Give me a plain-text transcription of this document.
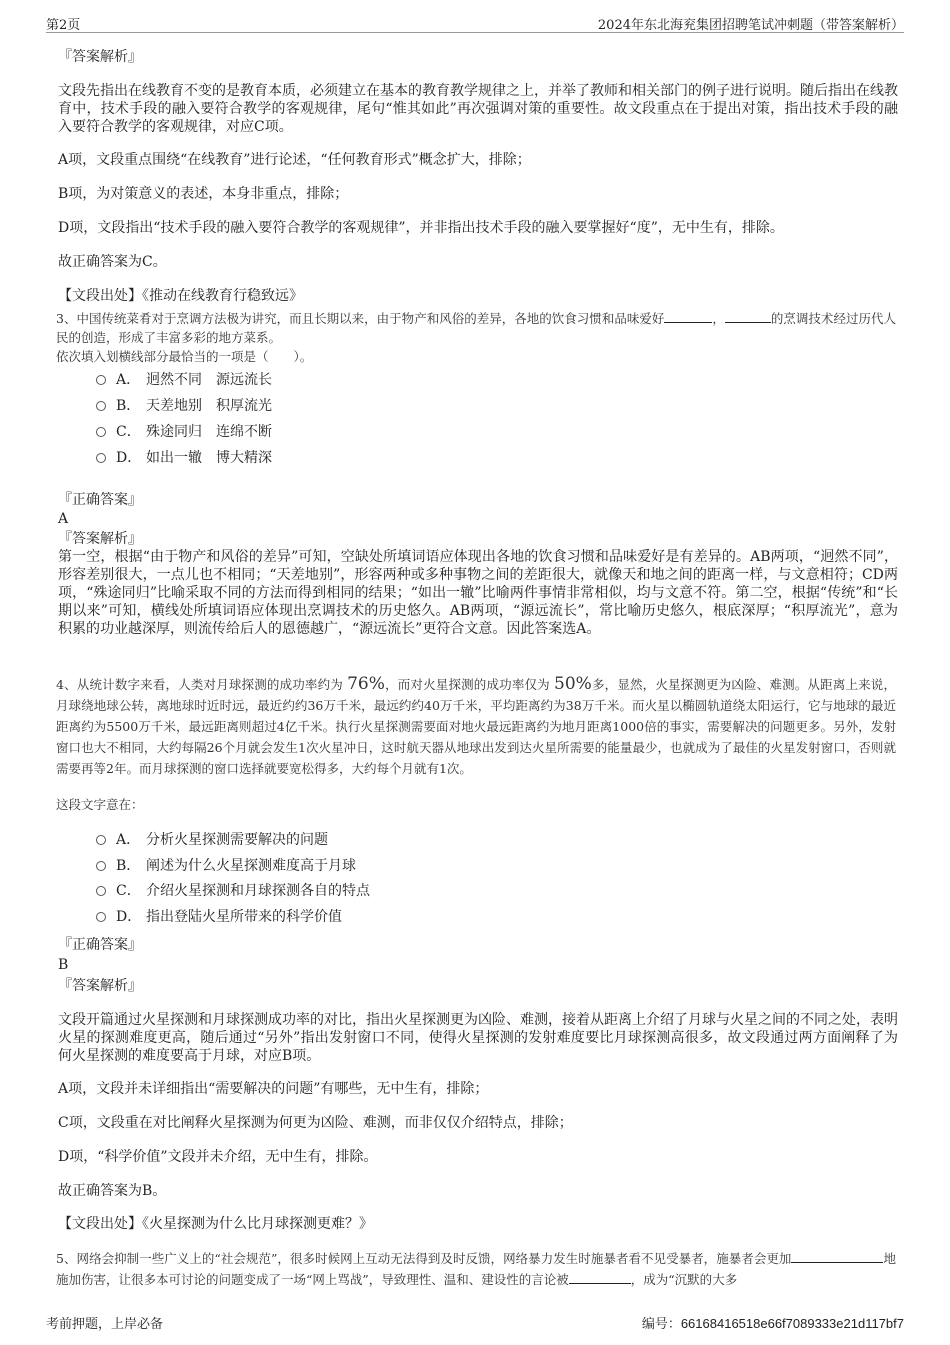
第2页	2024年东北海兖集团招聘笔试冲刺题（带答案解析）
『答案解析』
文段先指出在线教育不变的是教育本质，必须建立在基本的教育教学规律之上，并举了教师和相关部门的例子进行说明。随后指出在线教育中，技术手段的融入要符合教学的客观规律，尾句“惟其如此”再次强调对策的重要性。故文段重点在于提出对策，指出技术手段的融入要符合教学的客观规律，对应C项。
A项，文段重点围绕“在线教育”进行论述，“任何教育形式”概念扩大，排除；
B项，为对策意义的表述，本身非重点，排除；
D项，文段指出“技术手段的融入要符合教学的客观规律”，并非指出技术手段的融入要掌握好“度”，无中生有，排除。
故正确答案为C。
【文段出处】《推动在线教育行稳致远》
3、中国传统菜肴对于烹调方法极为讲究，而且长期以来，由于物产和风俗的差异，各地的饮食习惯和品味爱好	，	的烹调技术经过历代人民的创造，形成了丰富多彩的地方菜系。
依次填入划横线部分最恰当的一项是（　　）。
A． 迥然不同　源远流长
B． 天差地别　积厚流光
C． 殊途同归　连绵不断
D． 如出一辙　博大精深
『正确答案』
A
『答案解析』
第一空，根据“由于物产和风俗的差异”可知，空缺处所填词语应体现出各地的饮食习惯和品味爱好是有差异的。AB两项，“迥然不同”，形容差别很大，一点儿也不相同；“天差地别”，形容两种或多种事物之间的差距很大，就像天和地之间的距离一样，与文意相符；CD两项，“殊途同归”比喻采取不同的方法而得到相同的结果；“如出一辙”比喻两件事情非常相似，均与文意不符。第二空，根据“传统”和“长期以来”可知，横线处所填词语应体现出烹调技术的历史悠久。AB两项，“源远流长”，常比喻历史悠久，根底深厚；“积厚流光”，意为积累的功业越深厚，则流传给后人的恩德越广，“源远流长”更符合文意。因此答案选A。
4、从统计数字来看，人类对月球探测的成功率约为 76%，而对火星探测的成功率仅为 50%多，显然，火星探测更为凶险、难测。从距离上来说，月球绕地球公转，离地球时近时远，最近约约36万千米，最远约约40万千米，平均距离约为38万千米。而火星以椭圆轨道绕太阳运行，它与地球的最近距离约为5500万千米，最远距离则超过4亿千米。执行火星探测需要面对地火最远距离约为地月距离1000倍的事实，需要解决的问题更多。另外，发射窗口也大不相同，大约每隔26个月就会发生1次火星冲日，这时航天器从地球出发到达火星所需要的能量最少，也就成为了最佳的火星发射窗口，否则就需要再等2年。而月球探测的窗口选择就要宽松得多，大约每个月就有1次。
这段文字意在：
A． 分析火星探测需要解决的问题
B． 阐述为什么火星探测难度高于月球
C． 介绍火星探测和月球探测各自的特点
D． 指出登陆火星所带来的科学价值
『正确答案』
B
『答案解析』
文段开篇通过火星探测和月球探测成功率的对比，指出火星探测更为凶险、难测，接着从距离上介绍了月球与火星之间的不同之处，表明火星的探测难度更高，随后通过“另外”指出发射窗口不同，使得火星探测的发射难度要比月球探测高很多，故文段通过两方面阐释了为何火星探测的难度要高于月球，对应B项。
A项，文段并未详细指出“需要解决的问题”有哪些，无中生有，排除；
C项，文段重在对比阐释火星探测为何更为凶险、难测，而非仅仅介绍特点，排除；
D项，“科学价值”文段并未介绍，无中生有，排除。
故正确答案为B。
【文段出处】《火星探测为什么比月球探测更难？》
5、网络会抑制一些广义上的“社会规范”，很多时候网上互动无法得到及时反馈，网络暴力发生时施暴者看不见受暴者，施暴者会更加	地施加伤害，让很多本可讨论的问题变成了一场“网上骂战”，导致理性、温和、建设性的言论被	，成为“沉默的大多
考前押题，上岸必备	编号：66168416518e66f7089333e21d117bf7
